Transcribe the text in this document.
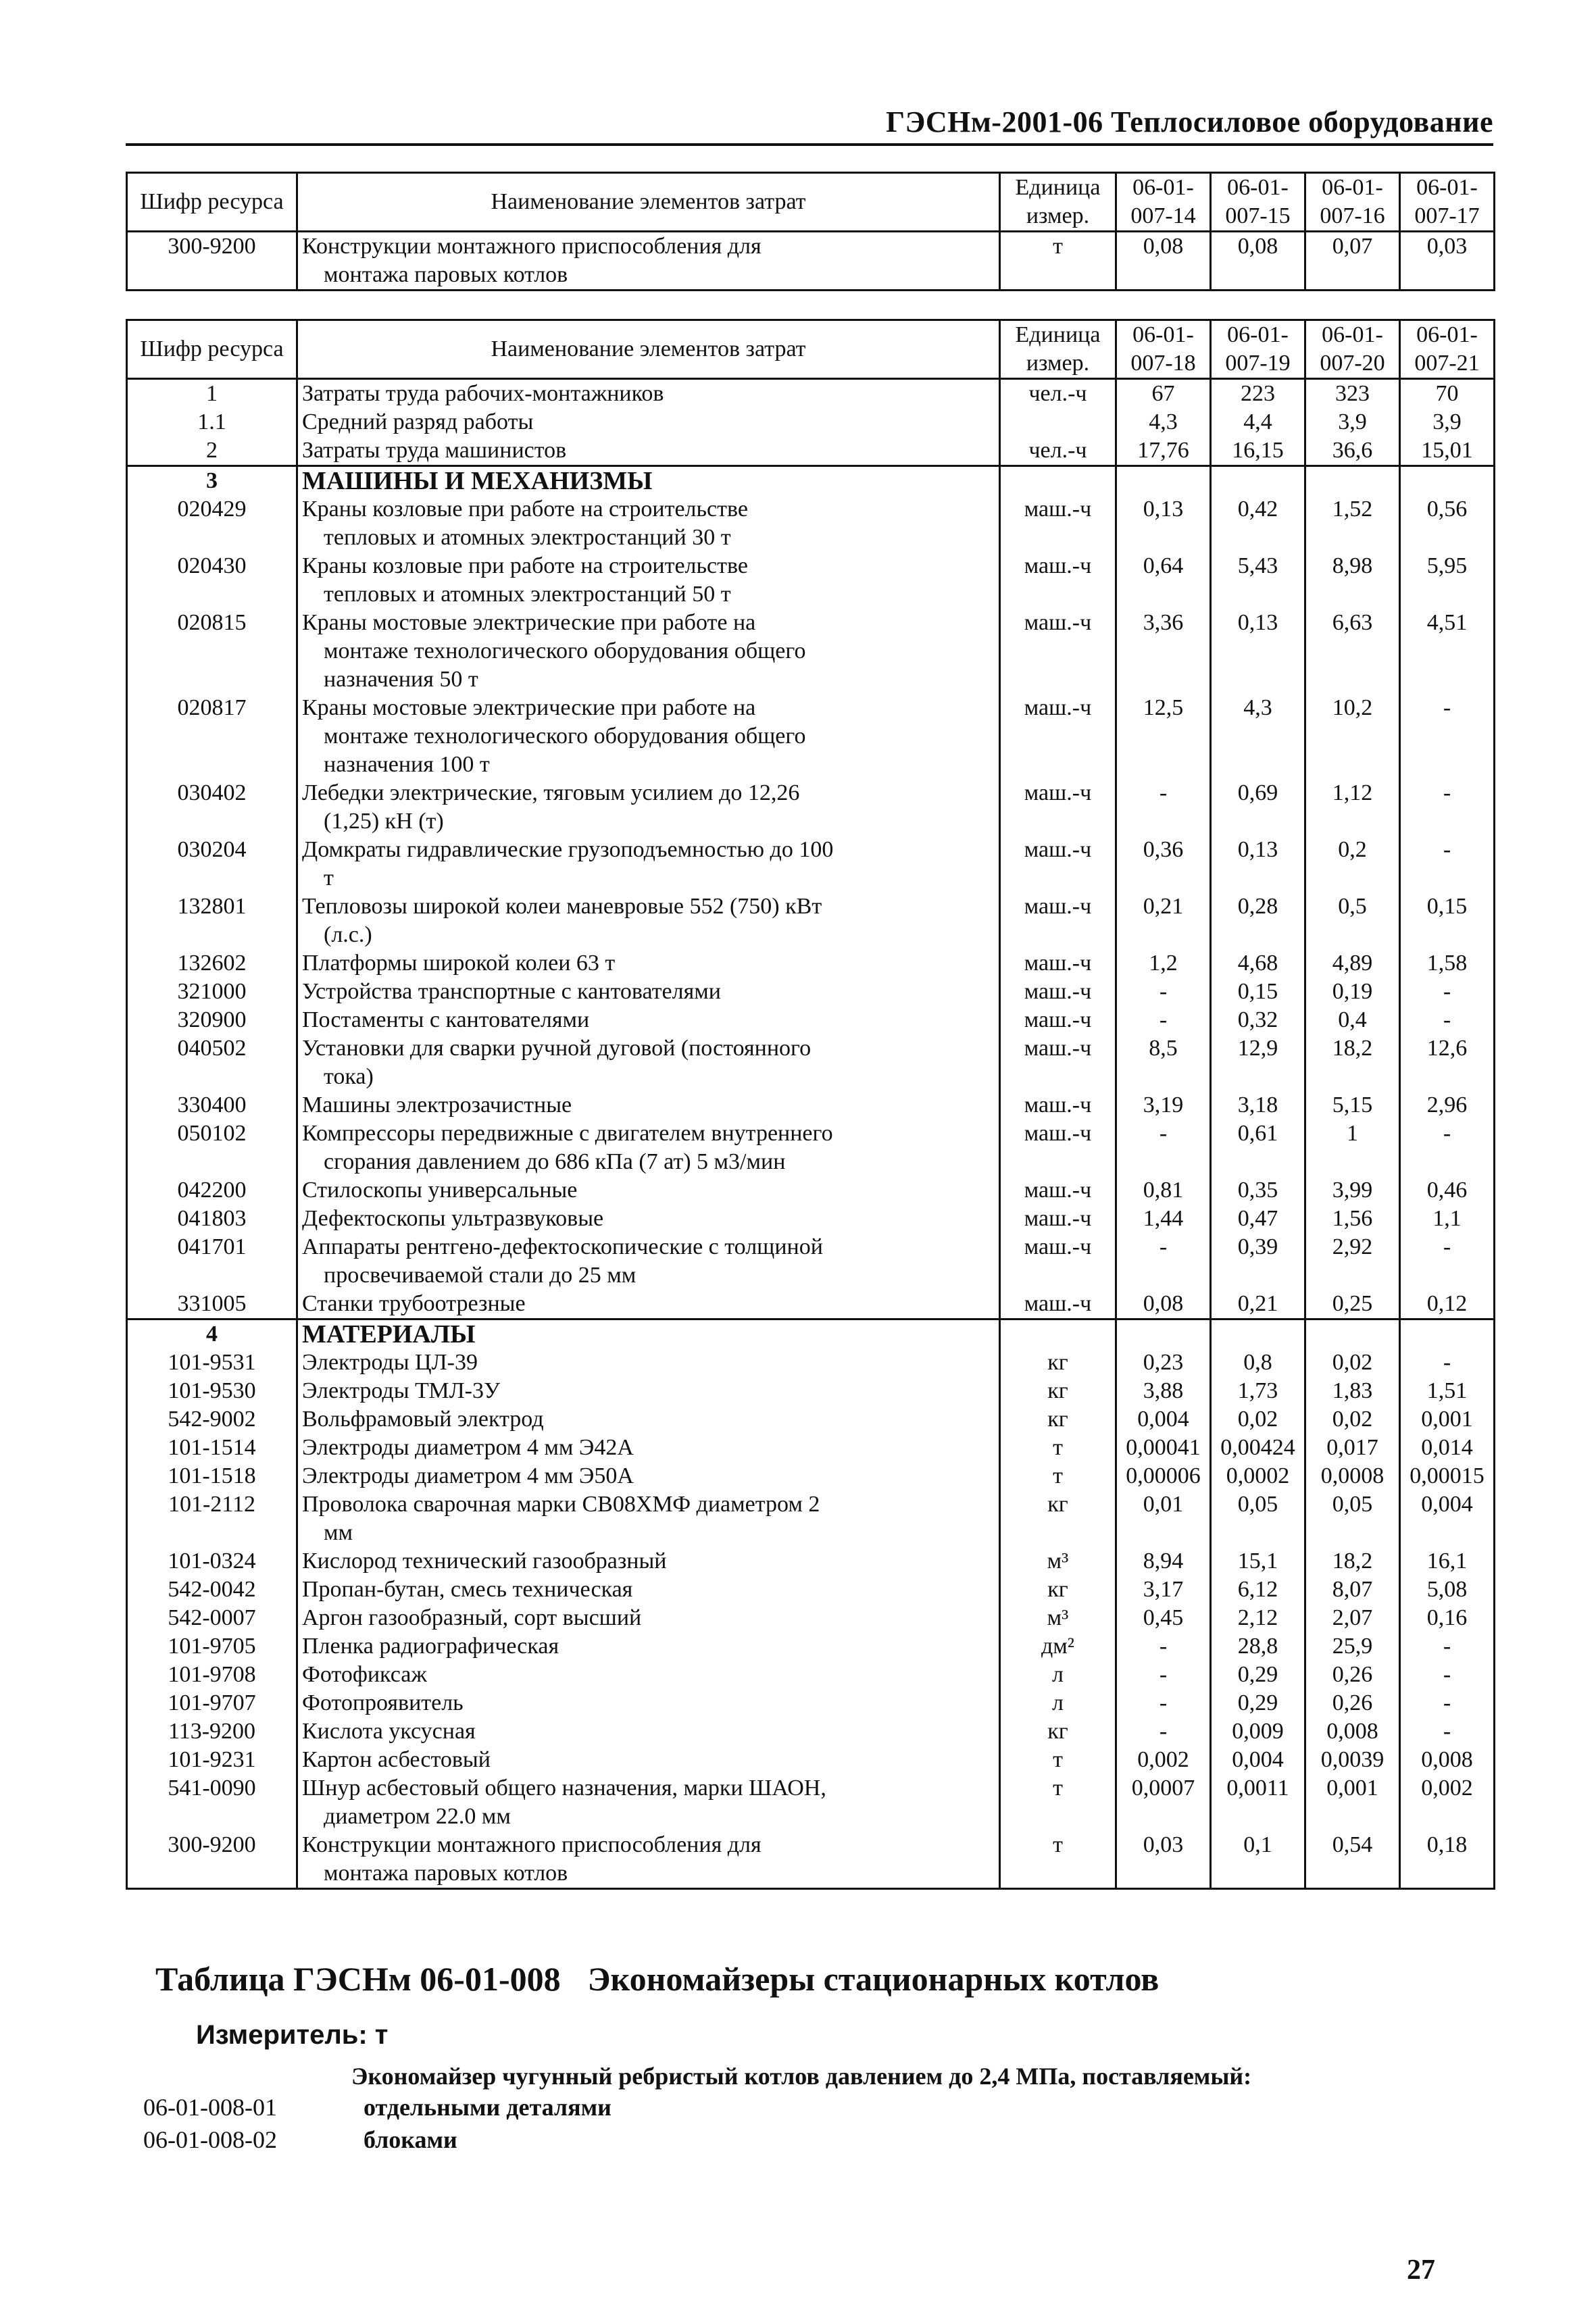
ГЭСНм-2001-06 Теплосиловое оборудование
Шифр ресурса	Наименование элементов затрат	Единица измер.	06-01-007-14	06-01-007-15	06-01-007-16	06-01-007-17
300-9200	Конструкции монтажного приспособления для
монтажа паровых котлов	т	0,08	0,08	0,07	0,03
Шифр ресурса	Наименование элементов затрат	Единица измер.	06-01-007-18	06-01-007-19	06-01-007-20	06-01-007-21
1	Затраты труда рабочих-монтажников	чел.-ч	67	223	323	70
1.1	Средний разряд работы		4,3	4,4	3,9	3,9
2	Затраты труда машинистов	чел.-ч	17,76	16,15	36,6	15,01
3	МАШИНЫ И МЕХАНИЗМЫ					

020429	Краны козловые при работе на строительстве
тепловых и атомных электростанций 30 т	маш.-ч	0,13	0,42	1,52	0,56
020430	Краны козловые при работе на строительстве
тепловых и атомных электростанций 50 т	маш.-ч	0,64	5,43	8,98	5,95
020815	Краны мостовые электрические при работе на
монтаже технологического оборудования общего
назначения 50 т	маш.-ч	3,36	0,13	6,63	4,51
020817	Краны мостовые электрические при работе на
монтаже технологического оборудования общего
назначения 100 т	маш.-ч	12,5	4,3	10,2	-
030402	Лебедки электрические, тяговым усилием до 12,26
(1,25) кН (т)	маш.-ч	-	0,69	1,12	-
030204	Домкраты гидравлические грузоподъемностью до 100
т	маш.-ч	0,36	0,13	0,2	-
132801	Тепловозы широкой колеи маневровые 552 (750) кВт
(л.с.)	маш.-ч	0,21	0,28	0,5	0,15
132602	Платформы широкой колеи 63 т	маш.-ч	1,2	4,68	4,89	1,58
321000	Устройства транспортные с кантователями	маш.-ч	-	0,15	0,19	-
320900	Постаменты с кантователями	маш.-ч	-	0,32	0,4	-
040502	Установки для сварки ручной дуговой (постоянного
тока)	маш.-ч	8,5	12,9	18,2	12,6
330400	Машины электрозачистные	маш.-ч	3,19	3,18	5,15	2,96
050102	Компрессоры передвижные с двигателем внутреннего
сгорания давлением до 686 кПа (7 ат) 5 м3/мин	маш.-ч	-	0,61	1	-
042200	Стилоскопы универсальные	маш.-ч	0,81	0,35	3,99	0,46
041803	Дефектоскопы ультразвуковые	маш.-ч	1,44	0,47	1,56	1,1
041701	Аппараты рентгено-дефектоскопические с толщиной
просвечиваемой стали до 25 мм	маш.-ч	-	0,39	2,92	-
331005	Станки трубоотрезные	маш.-ч	0,08	0,21	0,25	0,12
4	МАТЕРИАЛЫ					

101-9531	Электроды ЦЛ-39	кг	0,23	0,8	0,02	-
101-9530	Электроды ТМЛ-3У	кг	3,88	1,73	1,83	1,51
542-9002	Вольфрамовый электрод	кг	0,004	0,02	0,02	0,001
101-1514	Электроды диаметром 4 мм Э42А	т	0,00041	0,00424	0,017	0,014
101-1518	Электроды диаметром 4 мм Э50А	т	0,00006	0,0002	0,0008	0,00015
101-2112	Проволока сварочная марки СВ08ХМФ диаметром 2
мм	кг	0,01	0,05	0,05	0,004
101-0324	Кислород технический газообразный	м³	8,94	15,1	18,2	16,1
542-0042	Пропан-бутан, смесь техническая	кг	3,17	6,12	8,07	5,08
542-0007	Аргон газообразный, сорт высший	м³	0,45	2,12	2,07	0,16
101-9705	Пленка радиографическая	дм²	-	28,8	25,9	-
101-9708	Фотофиксаж	л	-	0,29	0,26	-
101-9707	Фотопроявитель	л	-	0,29	0,26	-
113-9200	Кислота уксусная	кг	-	0,009	0,008	-
101-9231	Картон асбестовый	т	0,002	0,004	0,0039	0,008
541-0090	Шнур асбестовый общего назначения, марки ШАОН,
диаметром 22.0 мм	т	0,0007	0,0011	0,001	0,002
300-9200	Конструкции монтажного приспособления для
монтажа паровых котлов	т	0,03	0,1	0,54	0,18
Таблица ГЭСНм 06-01-008 Экономайзеры стационарных котлов
Измеритель: т
Экономайзер чугунный ребристый котлов давлением до 2,4 МПа, поставляемый:
06-01-008-01	отдельными деталями
06-01-008-02	блоками
27
